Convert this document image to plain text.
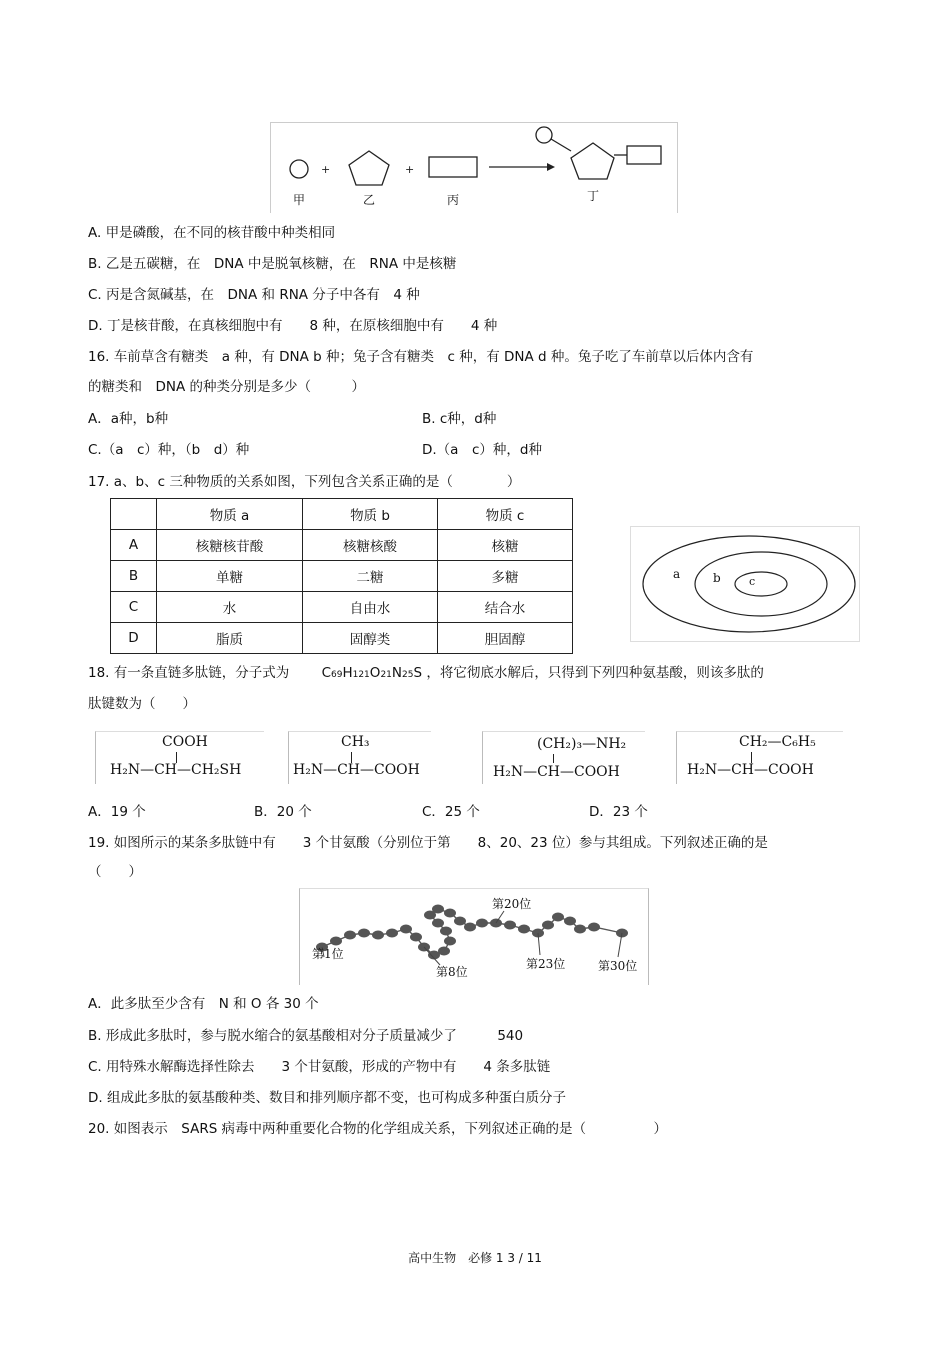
+	+
甲	乙	丙	丁
A. 甲是磷酸，在不同的核苷酸中种类相同
B. 乙是五碳糖，在　DNA 中是脱氧核糖，在　RNA 中是核糖
C. 丙是含氮碱基，在　DNA 和 RNA 分子中各有　4 种
D. 丁是核苷酸，在真核细胞中有　　8 种，在原核细胞中有　　4 种
16. 车前草含有糖类　a 种，有 DNA b 种；兔子含有糖类　c 种，有 DNA d 种。兔子吃了车前草以后体内含有
的糖类和　DNA 的种类分别是多少（　　　）
A．a种，b种	B. c种，d种
C.（a　c）种，（b　d）种	D.（a　c）种，d种
17. a、b、c 三种物质的关系如图，下列包含关系正确的是（　　　　）
	物质 a	物质 b	物质 c
A	核糖核苷酸	核糖核酸	核糖
B	单糖	二糖	多糖
C	水	自由水	结合水
D	脂质	固醇类	胆固醇
a	b	c
18. 有一条直链多肽链，分子式为 C69H121O21N25S ，将它彻底水解后，只得到下列四种氨基酸，则该多肽的
肽键数为（　　）
COOH
H₂N—CH—CH₂SH
CH₃
H₂N—CH—COOH
(CH₂)₃—NH₂
H₂N—CH—COOH
CH₂—C₆H₅
H₂N—CH—COOH
A．19 个	B．20 个	C．25 个	D．23 个
19. 如图所示的某条多肽链中有　　3 个甘氨酸（分别位于第　　8、20、23 位）参与其组成。下列叙述正确的是
（　　）
第1位
第8位
第20位
第23位	第30位
A．此多肽至少含有　N 和 O 各 30 个
B. 形成此多肽时，参与脱水缩合的氨基酸相对分子质量减少了　　　540
C. 用特殊水解酶选择性除去　　3 个甘氨酸，形成的产物中有　　4 条多肽链
D. 组成此多肽的氨基酸种类、数目和排列顺序都不变，也可构成多种蛋白质分子
20. 如图表示　SARS 病毒中两种重要化合物的化学组成关系，下列叙述正确的是（　　　　　）
高中生物　必修 1 3 / 11
